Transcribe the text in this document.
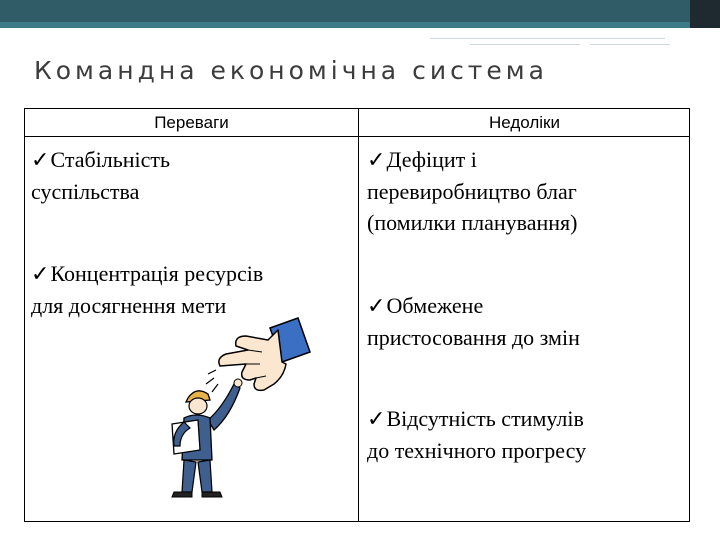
Командна економічна система
Переваги	Недоліки
✓Стабільність
суспільства
✓Концентрація ресурсів
для досягнення мети
✓Дефіцит і
перевиробництво благ
(помилки планування)
✓Обмежене
пристосовання до змін
✓Відсутність стимулів
до технічного прогресу
